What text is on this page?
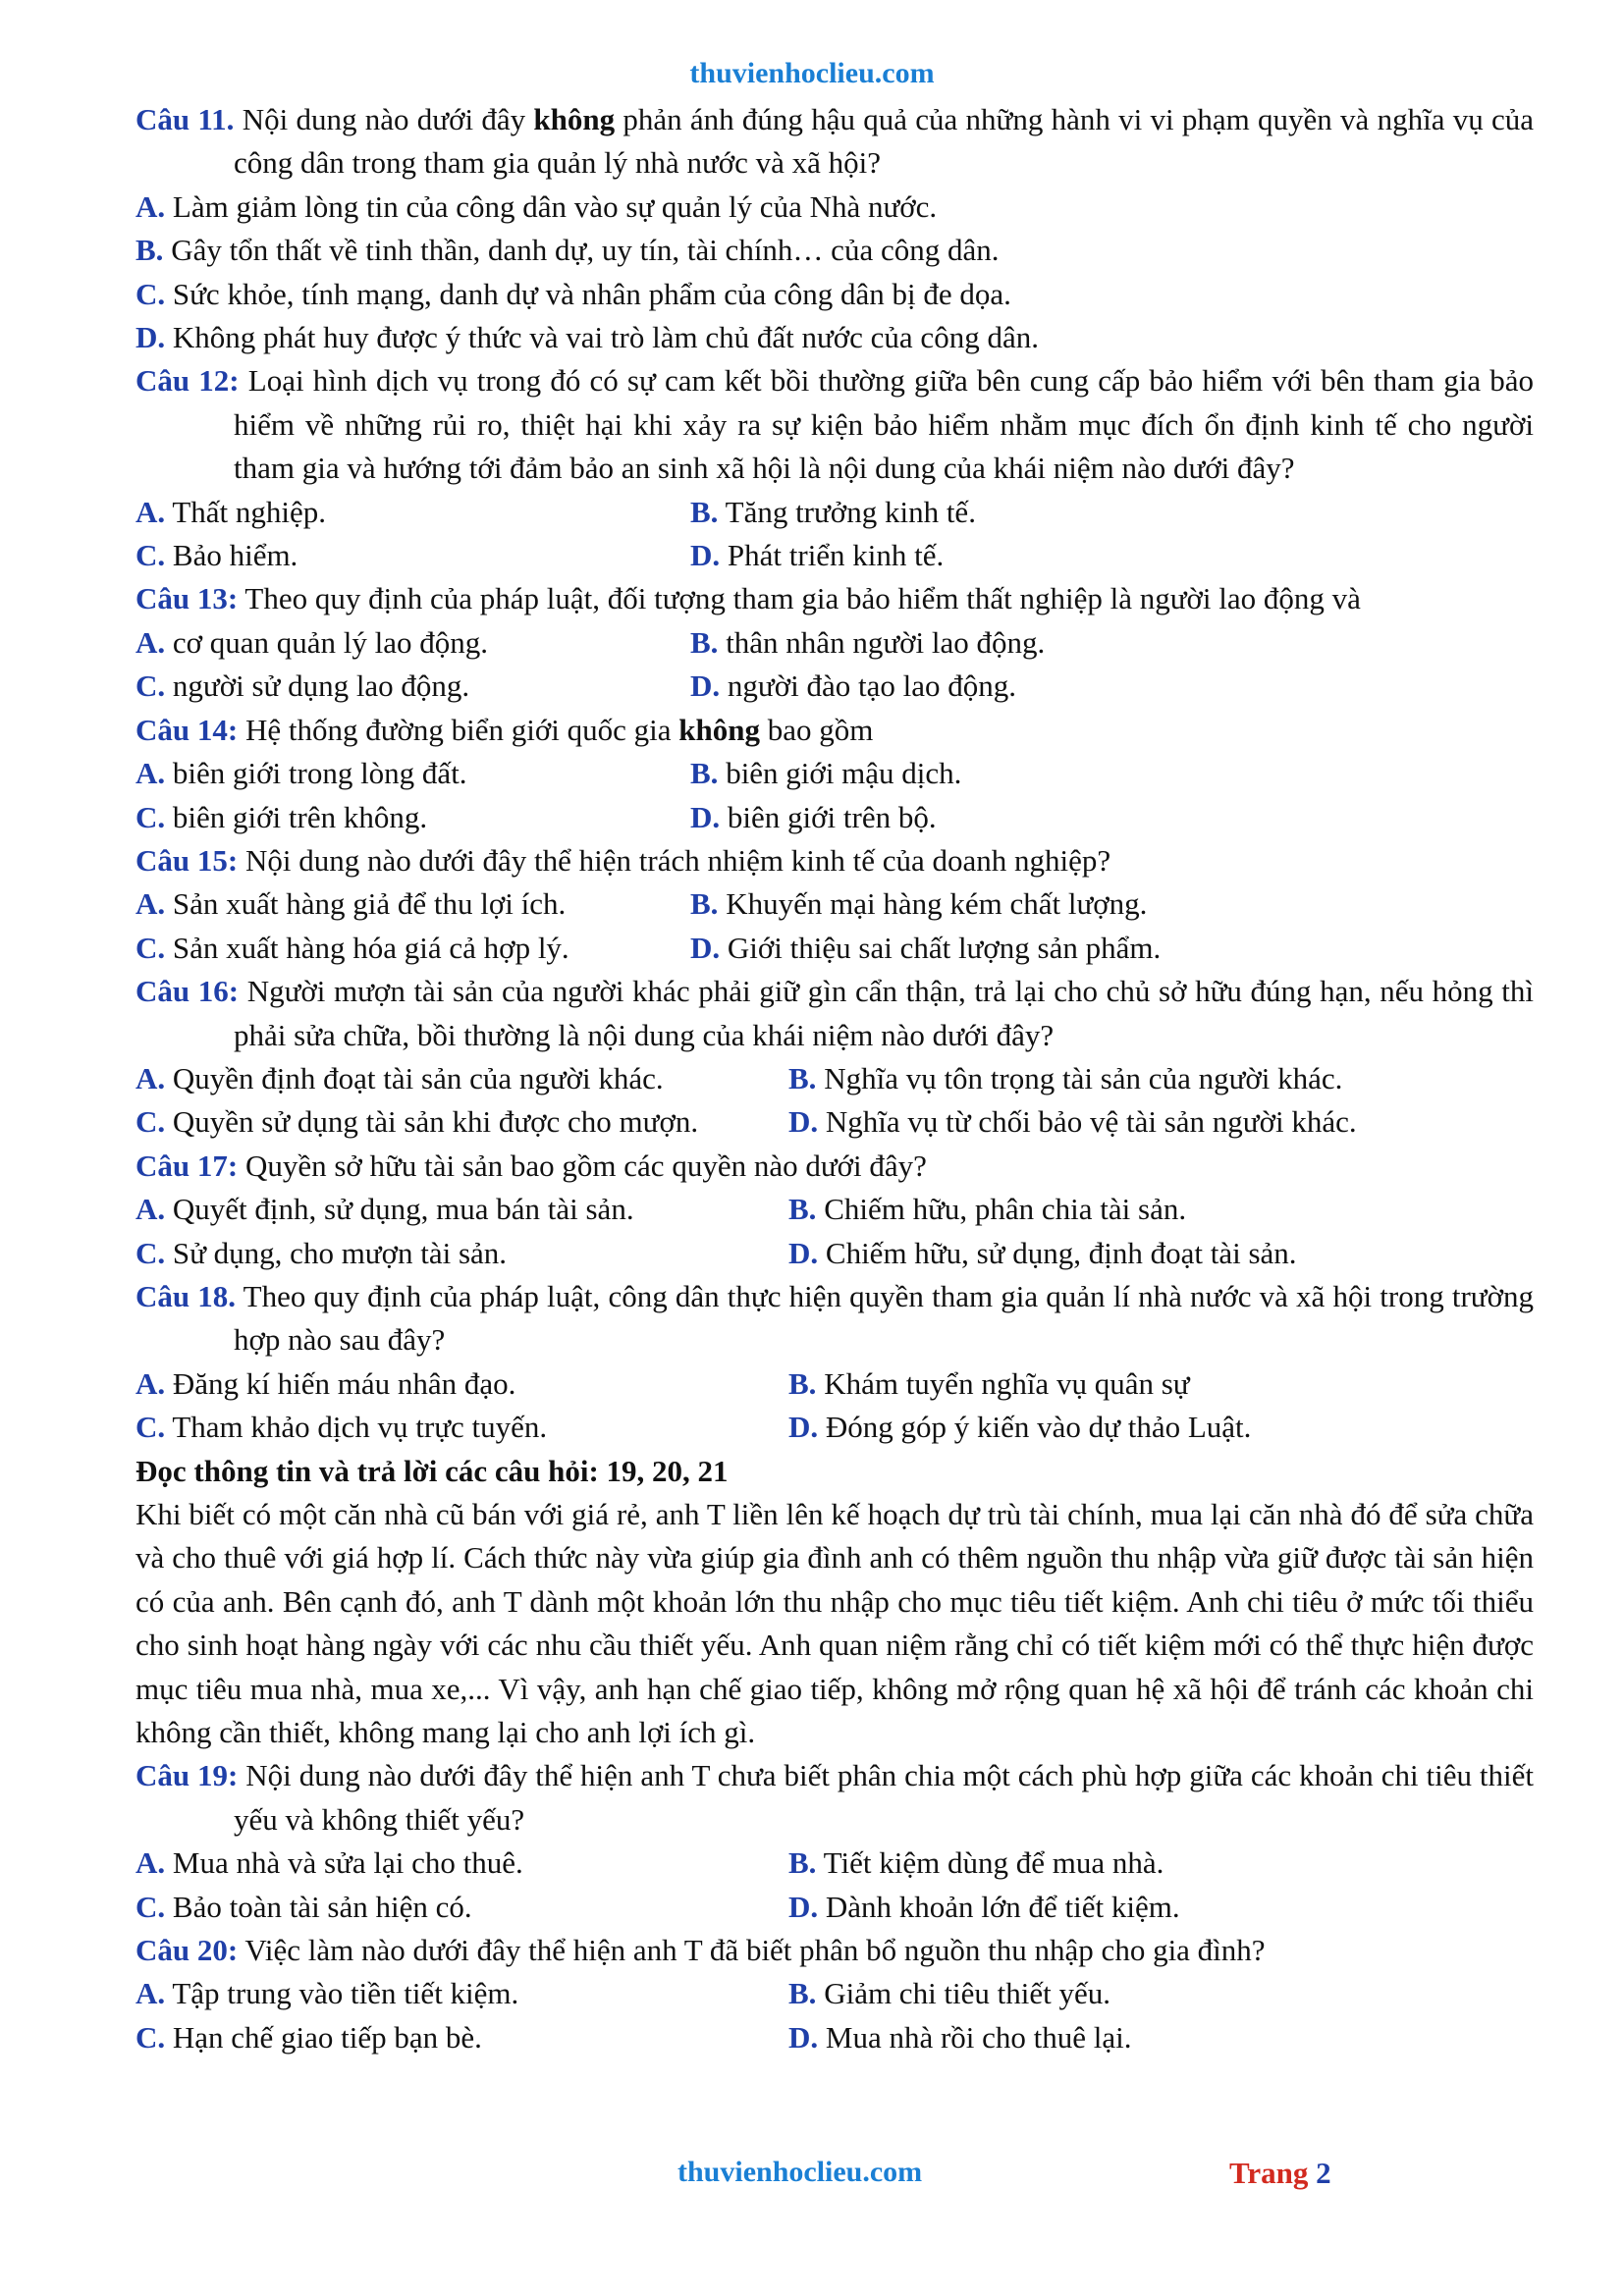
thuvienhoclieu.com

Câu 11. Nội dung nào dưới đây không phản ánh đúng hậu quả của những hành vi vi phạm quyền và nghĩa vụ của công dân trong tham gia quản lý nhà nước và xã hội?

A. Làm giảm lòng tin của công dân vào sự quản lý của Nhà nước.
B. Gây tổn thất về tinh thần, danh dự, uy tín, tài chính… của công dân.
C. Sức khỏe, tính mạng, danh dự và nhân phẩm của công dân bị đe dọa.
D. Không phát huy được ý thức và vai trò làm chủ đất nước của công dân.

Câu 12: Loại hình dịch vụ trong đó có sự cam kết bồi thường giữa bên cung cấp bảo hiểm với bên tham gia bảo hiểm về những rủi ro, thiệt hại khi xảy ra sự kiện bảo hiểm nhằm mục đích ổn định kinh tế cho người tham gia và hướng tới đảm bảo an sinh xã hội là nội dung của khái niệm nào dưới đây?

A. Thất nghiệp.	B. Tăng trưởng kinh tế.
C. Bảo hiểm.	D. Phát triển kinh tế.

Câu 13: Theo quy định của pháp luật, đối tượng tham gia bảo hiểm thất nghiệp là người lao động và

A. cơ quan quản lý lao động.	B. thân nhân người lao động.
C. người sử dụng lao động.	D. người đào tạo lao động.

Câu 14: Hệ thống đường biển giới quốc gia không bao gồm

A. biên giới trong lòng đất.	B. biên giới mậu dịch.
C. biên giới trên không.	D. biên giới trên bộ.

Câu 15: Nội dung nào dưới đây thể hiện trách nhiệm kinh tế của doanh nghiệp?

A. Sản xuất hàng giả để thu lợi ích.	B. Khuyến mại hàng kém chất lượng.
C. Sản xuất hàng hóa giá cả hợp lý.	D. Giới thiệu sai chất lượng sản phẩm.

Câu 16: Người mượn tài sản của người khác phải giữ gìn cẩn thận, trả lại cho chủ sở hữu đúng hạn, nếu hỏng thì phải sửa chữa, bồi thường là nội dung của khái niệm nào dưới đây?

A. Quyền định đoạt tài sản của người khác.	B. Nghĩa vụ tôn trọng tài sản của người khác.
C. Quyền sử dụng tài sản khi được cho mượn.	D. Nghĩa vụ từ chối bảo vệ tài sản người khác.

Câu 17: Quyền sở hữu tài sản bao gồm các quyền nào dưới đây?

A. Quyết định, sử dụng, mua bán tài sản.	B. Chiếm hữu, phân chia tài sản.
C. Sử dụng, cho mượn tài sản.	D. Chiếm hữu, sử dụng, định đoạt tài sản.

Câu 18. Theo quy định của pháp luật, công dân thực hiện quyền tham gia quản lí nhà nước và xã hội trong trường hợp nào sau đây?

A. Đăng kí hiến máu nhân đạo.	B. Khám tuyển nghĩa vụ quân sự
C. Tham khảo dịch vụ trực tuyến.	D. Đóng góp ý kiến vào dự thảo Luật.

Đọc thông tin và trả lời các câu hỏi: 19, 20, 21

Khi biết có một căn nhà cũ bán với giá rẻ, anh T liền lên kế hoạch dự trù tài chính, mua lại căn nhà đó để sửa chữa và cho thuê với giá hợp lí. Cách thức này vừa giúp gia đình anh có thêm nguồn thu nhập vừa giữ được tài sản hiện có của anh. Bên cạnh đó, anh T dành một khoản lớn thu nhập cho mục tiêu tiết kiệm. Anh chi tiêu ở mức tối thiểu cho sinh hoạt hàng ngày với các nhu cầu thiết yếu. Anh quan niệm rằng chỉ có tiết kiệm mới có thể thực hiện được mục tiêu mua nhà, mua xe,... Vì vậy, anh hạn chế giao tiếp, không mở rộng quan hệ xã hội để tránh các khoản chi không cần thiết, không mang lại cho anh lợi ích gì.

Câu 19: Nội dung nào dưới đây thể hiện anh T chưa biết phân chia một cách phù hợp giữa các khoản chi tiêu thiết yếu và không thiết yếu?

A. Mua nhà và sửa lại cho thuê.	B. Tiết kiệm dùng để mua nhà.
C. Bảo toàn tài sản hiện có.	D. Dành khoản lớn để tiết kiệm.

Câu 20: Việc làm nào dưới đây thể hiện anh T đã biết phân bổ nguồn thu nhập cho gia đình?

A. Tập trung vào tiền tiết kiệm.	B. Giảm chi tiêu thiết yếu.
C. Hạn chế giao tiếp bạn bè.	D. Mua nhà rồi cho thuê lại.
thuvienhoclieu.com	Trang 2
